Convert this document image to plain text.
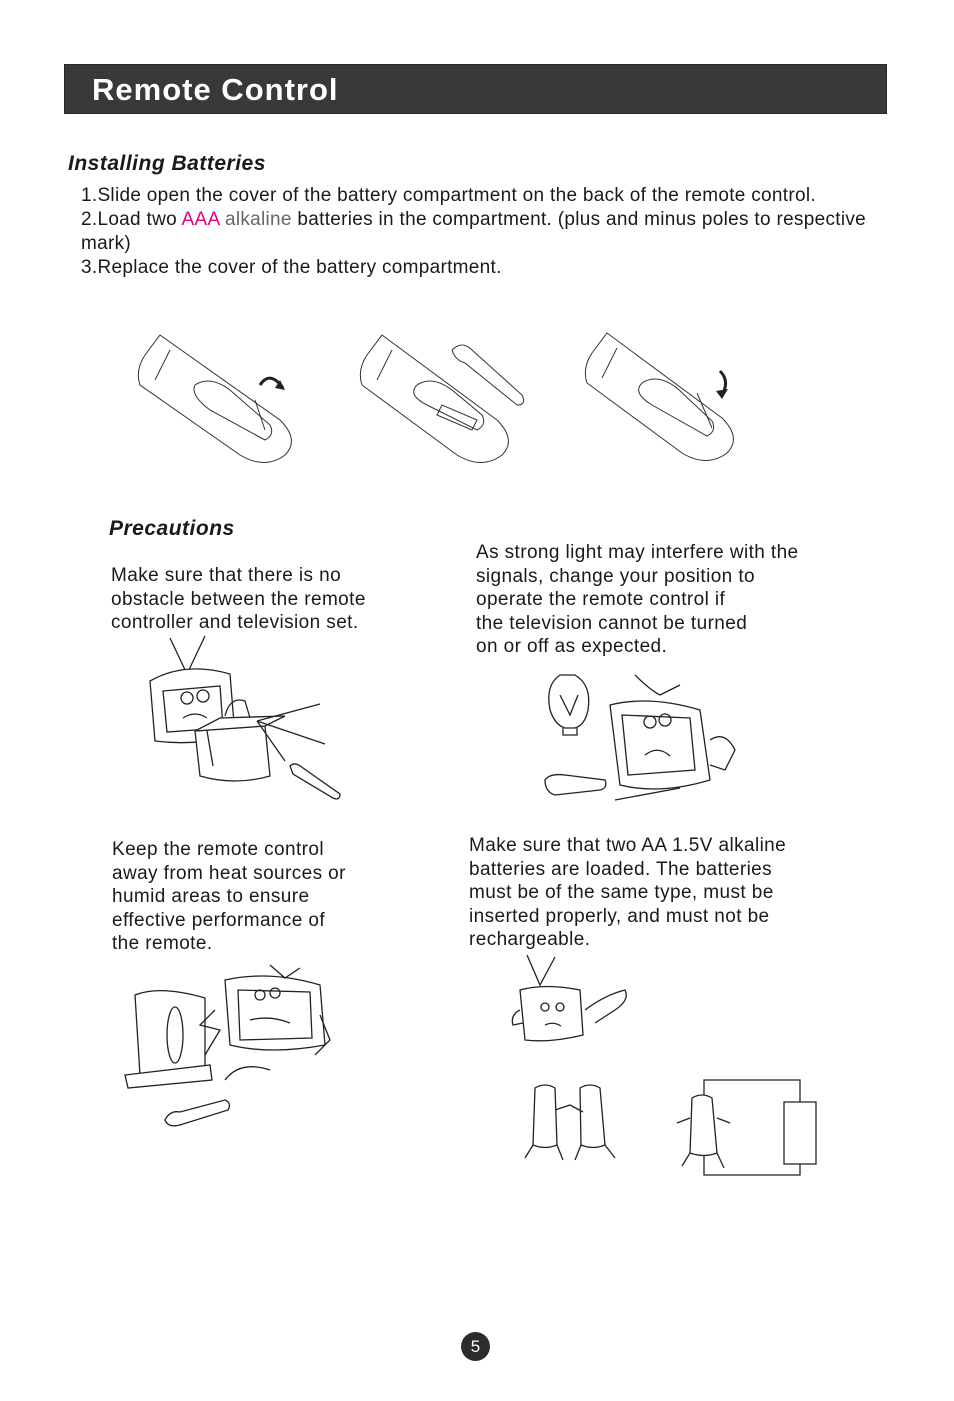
Remote Control
Installing Batteries
1.Slide open the cover of the battery compartment on the back of the remote control.
2.Load two AAA alkaline batteries in the compartment. (plus and minus poles to respective mark)
3.Replace the cover of the battery compartment.
Precautions
Make sure that there is no
obstacle between the remote
controller and television set.
As strong light may interfere with the
signals, change your position to
operate the remote control if
the television cannot be turned
on or off as expected.
Keep the remote control
away from heat sources or
humid areas to ensure
effective performance of
the remote.
Make sure that two AA 1.5V alkaline
batteries are loaded. The batteries
must be of the same type, must be
inserted properly, and must not be
rechargeable.
5
